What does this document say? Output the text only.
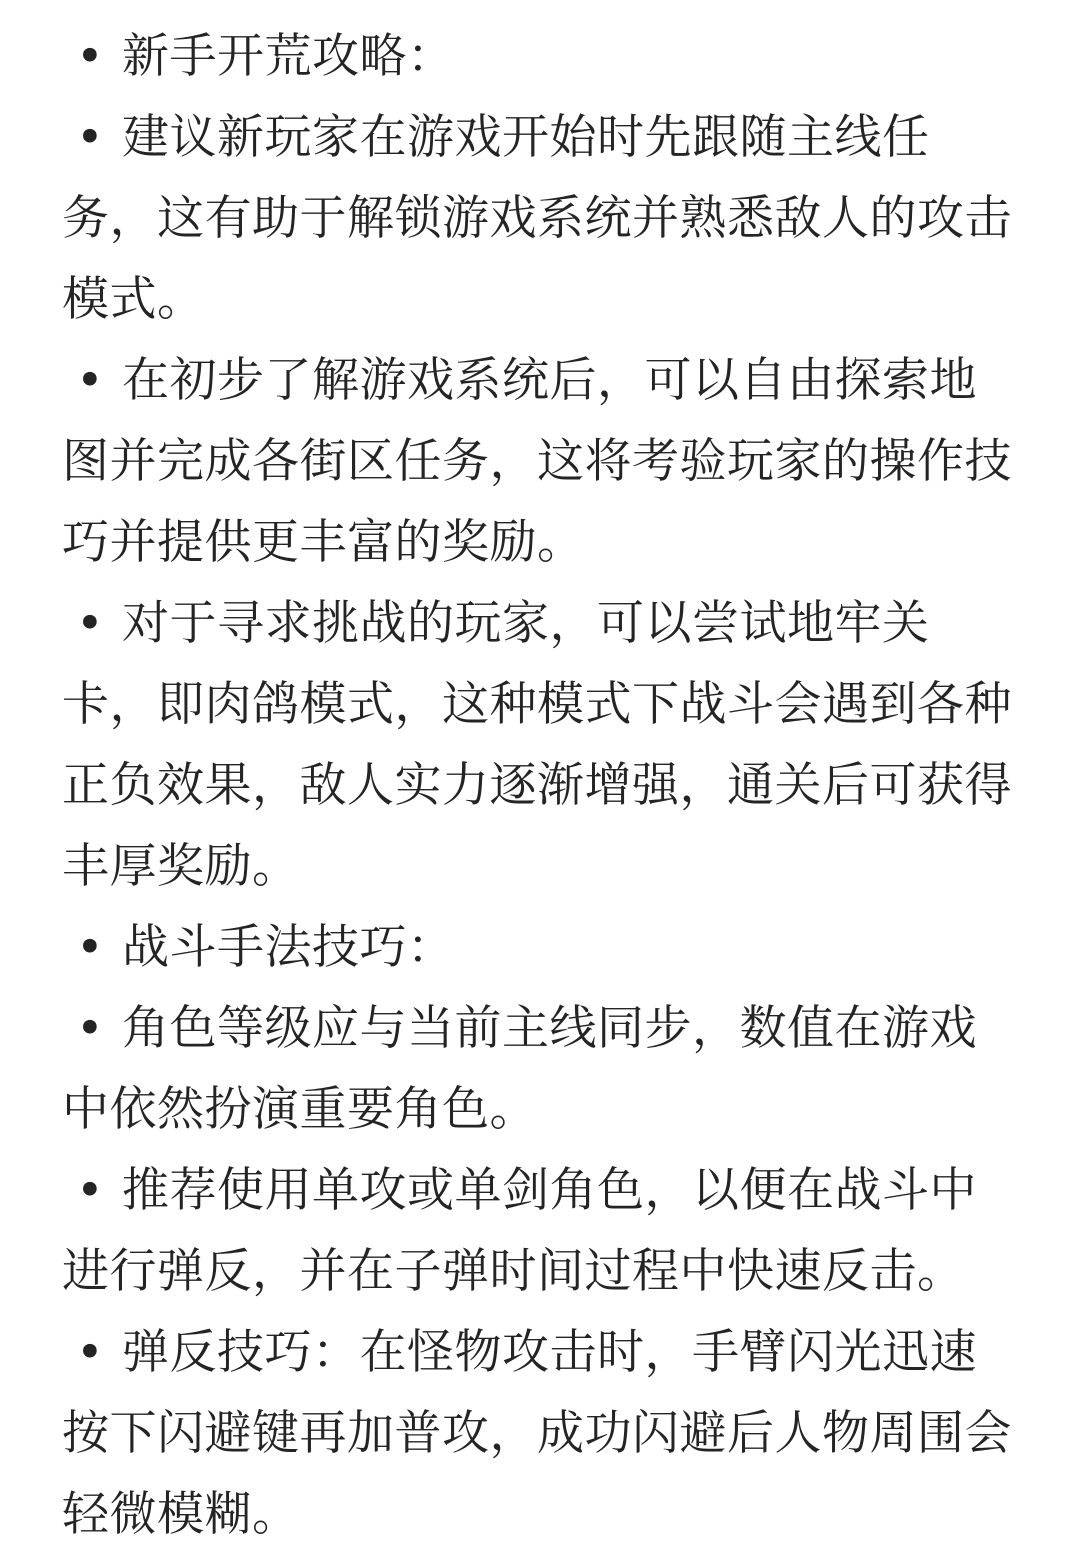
• 新手开荒攻略：

• 建议新玩家在游戏开始时先跟随主线任务，这有助于解锁游戏系统并熟悉敌人的攻击模式。

• 在初步了解游戏系统后，可以自由探索地图并完成各街区任务，这将考验玩家的操作技巧并提供更丰富的奖励。

• 对于寻求挑战的玩家，可以尝试地牢关卡，即肉鸽模式，这种模式下战斗会遇到各种正负效果，敌人实力逐渐增强，通关后可获得丰厚奖励。

• 战斗手法技巧：

• 角色等级应与当前主线同步，数值在游戏中依然扮演重要角色。

• 推荐使用单攻或单剑角色，以便在战斗中进行弹反，并在子弹时间过程中快速反击。

• 弹反技巧：在怪物攻击时，手臂闪光迅速按下闪避键再加普攻，成功闪避后人物周围会轻微模糊。
